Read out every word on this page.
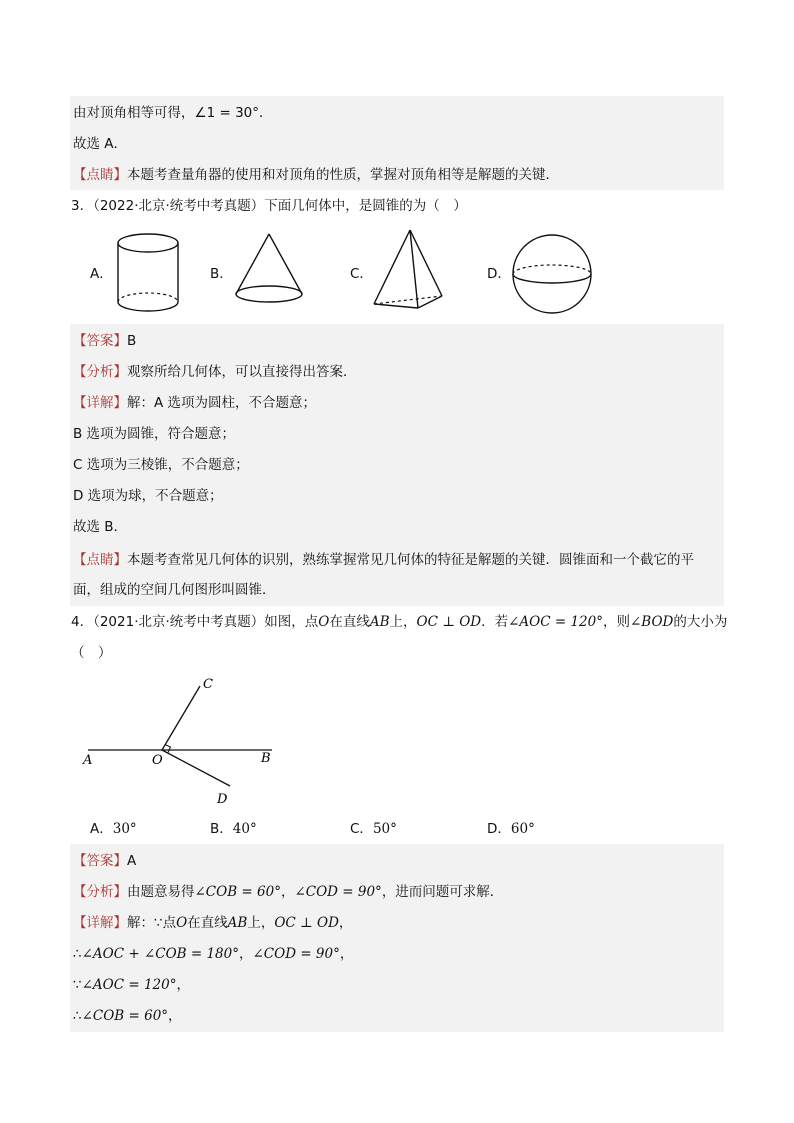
由对顶角相等可得，∠1 = 30°．
故选 A．
【点睛】本题考查量角器的使用和对顶角的性质，掌握对顶角相等是解题的关键．
3．（2022·北京·统考中考真题）下面几何体中，是圆锥的为（　）
A．	B．	C．	D．
【答案】B
【分析】观察所给几何体，可以直接得出答案．
【详解】解：A 选项为圆柱，不合题意；
B 选项为圆锥，符合题意；
C 选项为三棱锥，不合题意；
D 选项为球，不合题意；
故选 B．
【点睛】本题考查常见几何体的识别，熟练掌握常见几何体的特征是解题的关键．圆锥面和一个截它的平
面，组成的空间几何图形叫圆锥．
4．（2021·北京·统考中考真题）如图，点O在直线AB上，OC ⊥ OD．若∠AOC = 120°，则∠BOD的大小为
（　）
A	O	B
C
D
A．30°	B．40°	C．50°	D．60°
【答案】A
【分析】由题意易得∠COB = 60°，∠COD = 90°，进而问题可求解．
【详解】解：∵点O在直线AB上，OC ⊥ OD，
∴∠AOC + ∠COB = 180°，∠COD = 90°，
∵∠AOC = 120°，
∴∠COB = 60°，
